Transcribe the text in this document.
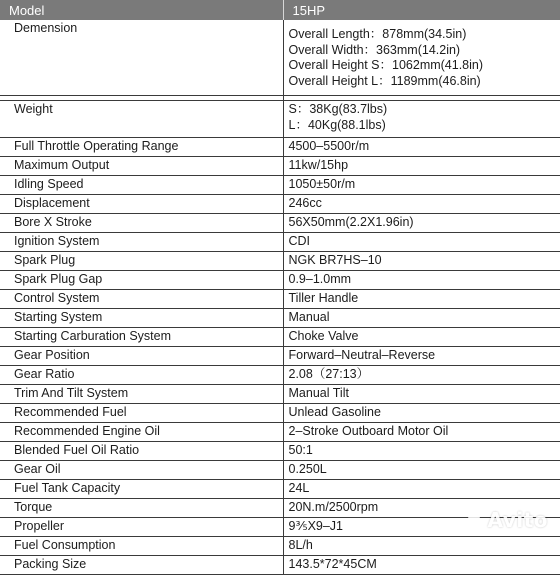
Model	15HP
Demension	Overall Length：878mm(34.5in)
Overall Width：363mm(14.2in)
Overall Height S：1062mm(41.8in)
Overall Height L：1189mm(46.8in)

Weight	S：38Kg(83.7lbs)
L：40Kg(88.1lbs)

Full Throttle Operating Range	4500–5500r/m
Maximum Output	11kw/15hp
Idling Speed	1050±50r/m
Displacement	246cc
Bore X Stroke	56X50mm(2.2X1.96in)
Ignition System	CDI
Spark Plug	NGK BR7HS–10
Spark Plug Gap	0.9–1.0mm
Control System	Tiller Handle
Starting System	Manual
Starting Carburation System	Choke Valve
Gear Position	Forward–Neutral–Reverse
Gear Ratio	2.08（27:13）
Trim And Tilt System	Manual Tilt
Recommended Fuel	Unlead Gasoline
Recommended Engine Oil	2–Stroke Outboard Motor Oil
Blended Fuel Oil Ratio	50:1
Gear Oil	0.250L
Fuel Tank Capacity	24L
Torque	20N.m/2500rpm
Propeller	9⅗X9–J1
Fuel Consumption	8L/h
Packing Size	143.5*72*45CM
Avito
